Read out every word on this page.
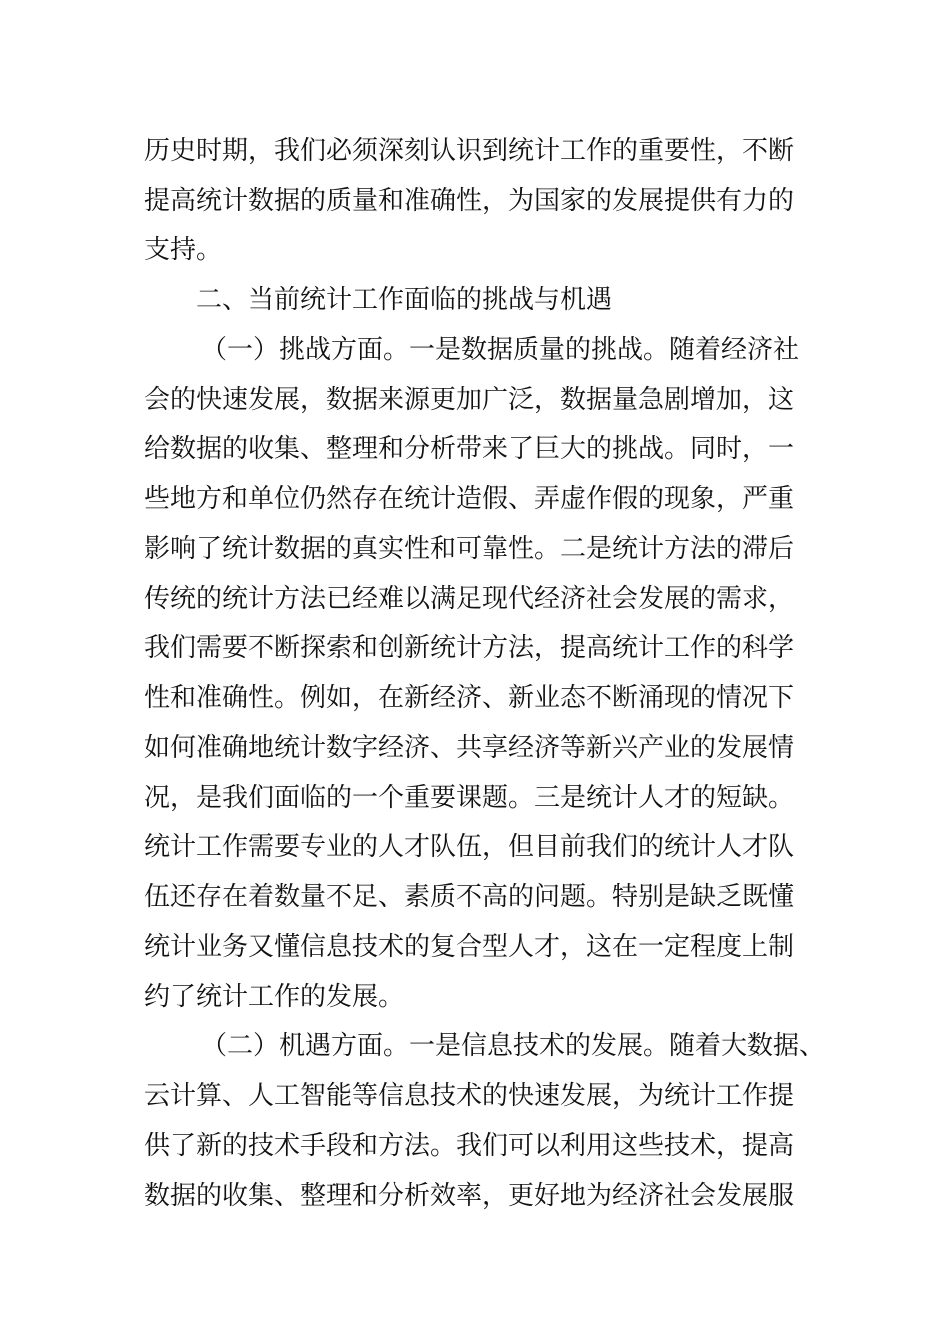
历史时期，我们必须深刻认识到统计工作的重要性，不断
提高统计数据的质量和准确性，为国家的发展提供有力的
支持。
二、当前统计工作面临的挑战与机遇
（一）挑战方面。一是数据质量的挑战。随着经济社
会的快速发展，数据来源更加广泛，数据量急剧增加，这
给数据的收集、整理和分析带来了巨大的挑战。同时，一
些地方和单位仍然存在统计造假、弄虚作假的现象，严重
影响了统计数据的真实性和可靠性。二是统计方法的滞后
传统的统计方法已经难以满足现代经济社会发展的需求，
我们需要不断探索和创新统计方法，提高统计工作的科学
性和准确性。例如，在新经济、新业态不断涌现的情况下
如何准确地统计数字经济、共享经济等新兴产业的发展情
况，是我们面临的一个重要课题。三是统计人才的短缺。
统计工作需要专业的人才队伍，但目前我们的统计人才队
伍还存在着数量不足、素质不高的问题。特别是缺乏既懂
统计业务又懂信息技术的复合型人才，这在一定程度上制
约了统计工作的发展。
（二）机遇方面。一是信息技术的发展。随着大数据、
云计算、人工智能等信息技术的快速发展，为统计工作提
供了新的技术手段和方法。我们可以利用这些技术，提高
数据的收集、整理和分析效率，更好地为经济社会发展服
